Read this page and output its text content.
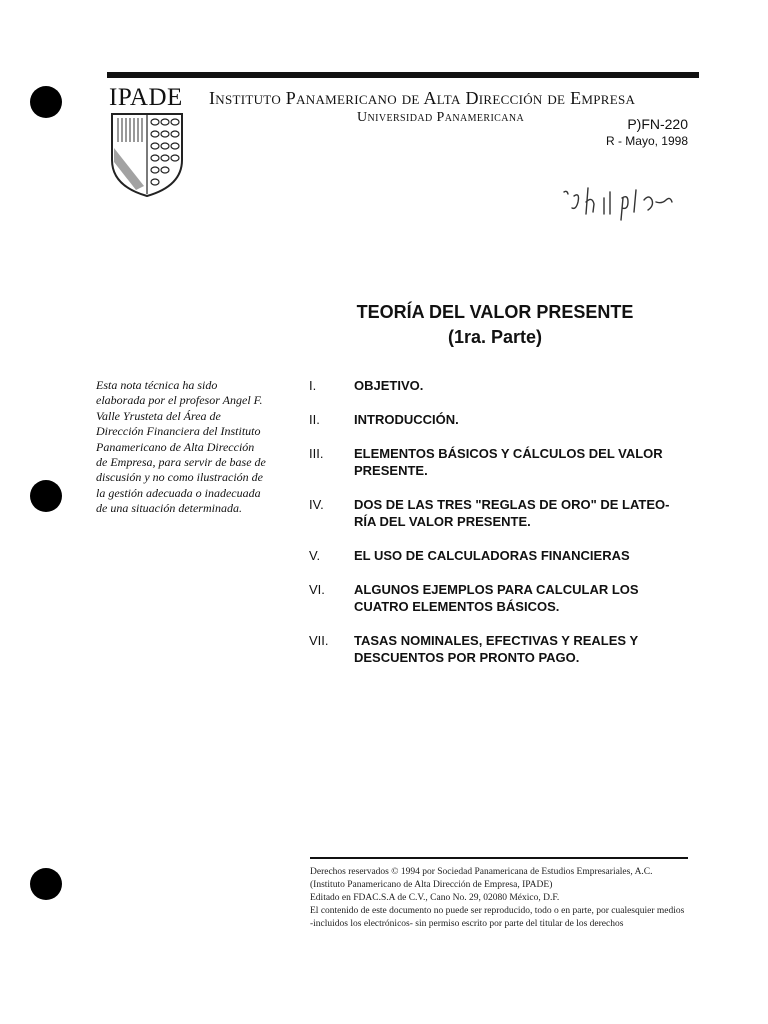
IPADE Instituto Panamericano de Alta Dirección de Empresa
Universidad Panamericana	P)FN-220
R - Mayo, 1998
TEORÍA DEL VALOR PRESENTE
(1ra. Parte)
Esta nota técnica ha sido elaborada por el profesor Angel F. Valle Yrusteta del Área de Dirección Financiera del Instituto Panamericano de Alta Dirección de Empresa, para servir de base de discusión y no como ilustración de la gestión adecuada o inadecuada de una situación determinada.
I.	OBJETIVO.
II.	INTRODUCCIÓN.
III.	ELEMENTOS BÁSICOS Y CÁLCULOS DEL VALOR PRESENTE.
IV.	DOS DE LAS TRES "REGLAS DE ORO" DE LATEO-RÍA DEL VALOR PRESENTE.
V.	EL USO DE CALCULADORAS FINANCIERAS
VI.	ALGUNOS EJEMPLOS PARA CALCULAR LOS CUATRO ELEMENTOS BÁSICOS.
VII.	TASAS NOMINALES, EFECTIVAS Y REALES Y DESCUENTOS POR PRONTO PAGO.
Derechos reservados © 1994 por Sociedad Panamericana de Estudios Empresariales, A.C.
(Instituto Panamericano de Alta Dirección de Empresa, IPADE)
Editado en FDAC.S.A de C.V., Cano No. 29, 02080 México, D.F.
El contenido de este documento no puede ser reproducido, todo o en parte, por cualesquier medios
-incluidos los electrónicos- sin permiso escrito por parte del titular de los derechos
